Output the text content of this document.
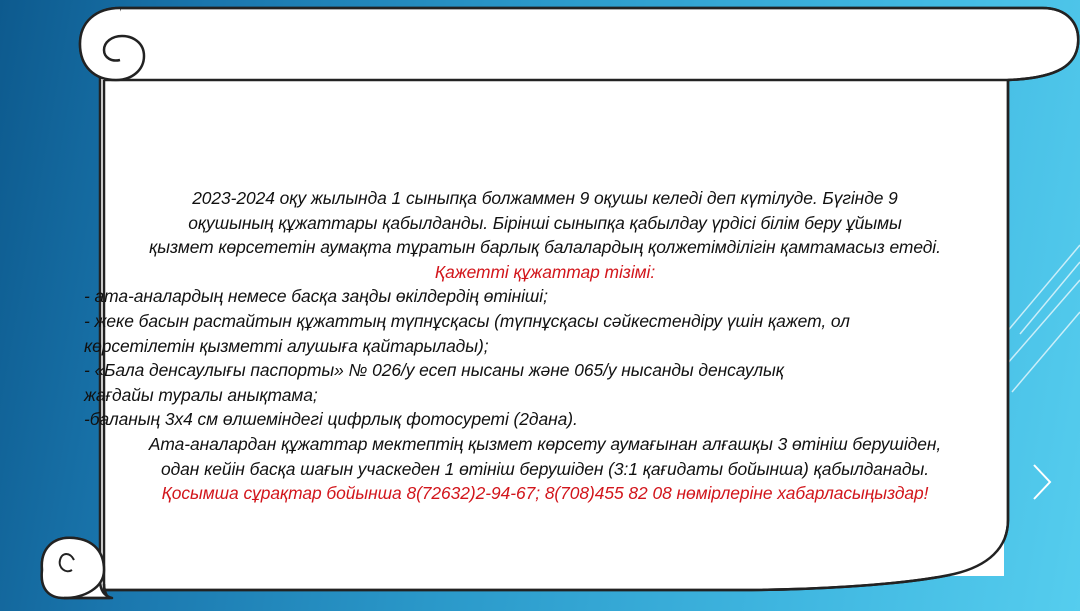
2023-2024 оқу жылында 1 сыныпқа болжаммен 9 оқушы келеді деп күтілуде. Бүгінде 9

оқушының құжаттары қабылданды. Бірінші сыныпқа қабылдау үрдісі білім беру ұйымы

қызмет көрсететін аумақта тұратын барлық балалардың қолжетімділігін қамтамасыз етеді.

Қажетті құжаттар тізімі:

- ата-аналардың немесе басқа заңды өкілдердің өтініші;

- жеке басын растайтын құжаттың түпнұсқасы (түпнұсқасы сәйкестендіру үшін қажет, ол

көрсетілетін қызметті алушыға қайтарылады);

- «Бала денсаулығы паспорты» № 026/у есеп нысаны және 065/у нысанды денсаулық

жағдайы туралы анықтама;

-баланың 3х4 см өлшеміндегі цифрлық фотосуреті (2дана).

Ата-аналардан құжаттар мектептің қызмет көрсету аумағынан алғашқы 3 өтініш берушіден,

одан кейін басқа шағын учаскеден 1 өтініш берушіден (3:1 қағидаты бойынша) қабылданады.

Қосымша сұрақтар бойынша 8(72632)2-94-67; 8(708)455 82 08 нөмірлеріне хабарласыңыздар!
